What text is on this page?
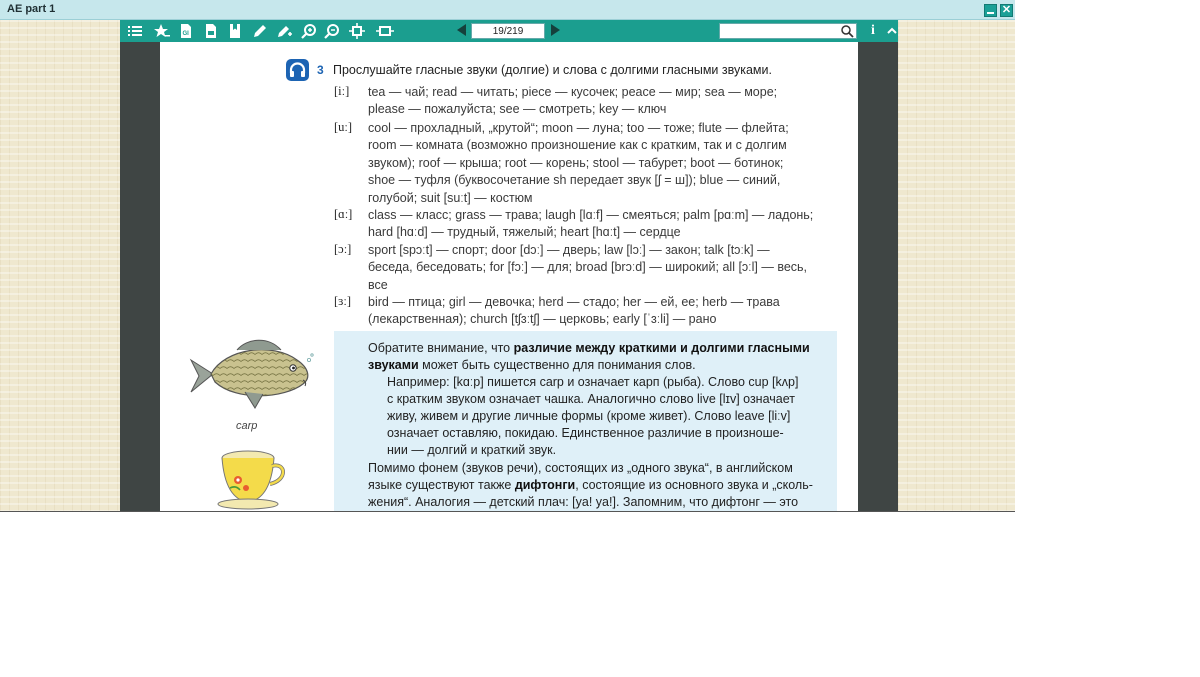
AE part 1	✕
GI
19/219	i
3 Прослушайте гласные звуки (долгие) и слова с долгими гласными звуками.
[iː] tea — чай; read — читать; piece — кусочек; peace — мир; sea — море;
please — пожалуйста; see — смотреть; key — ключ
[uː] cool — прохладный, „крутой“; moon — луна; too — тоже; flute — флейта;
room — комната (возможно произношение как с кратким, так и с долгим
звуком); roof — крыша; root — корень; stool — табурет; boot — ботинок;
shoe — туфля (буквосочетание sh передает звук [ʃ = ш]); blue — синий,
голубой; suit [suːt] — костюм
[ɑː] class — класс; grass — трава; laugh [lɑːf] — смеяться; palm [pɑːm] — ладонь;
hard [hɑːd] — трудный, тяжелый; heart [hɑːt] — сердце
[ɔː] sport [spɔːt] — спорт; door [dɔː] — дверь; law [lɔː] — закон; talk [tɔːk] —
беседа, беседовать; for [fɔː] — для; broad [brɔːd] — широкий; all [ɔːl] — весь,
все
[ɜː] bird — птица; girl — девочка; herd — стадо; her — ей, ее; herb — трава
(лекарственная); church [tʃɜːtʃ] — церковь; early [ˈɜːli] — рано
carp
Обратите внимание, что различие между краткими и долгими гласными
звуками может быть существенно для понимания слов.
Например: [kɑːp] пишется carp и означает карп (рыба). Слово cup [kʌp]
с кратким звуком означает чашка. Аналогично слово live [lɪv] означает
живу, живем и другие личные формы (кроме живет). Слово leave [liːv]
означает оставляю, покидаю. Единственное различие в произноше-
нии — долгий и краткий звук.
Помимо фонем (звуков речи), состоящих из „одного звука“, в английском
языке существуют также дифтонги, состоящие из основного звука и „сколь-
жения“. Аналогия — детский плач: [ya! ya!]. Запомним, что дифтонг — это
